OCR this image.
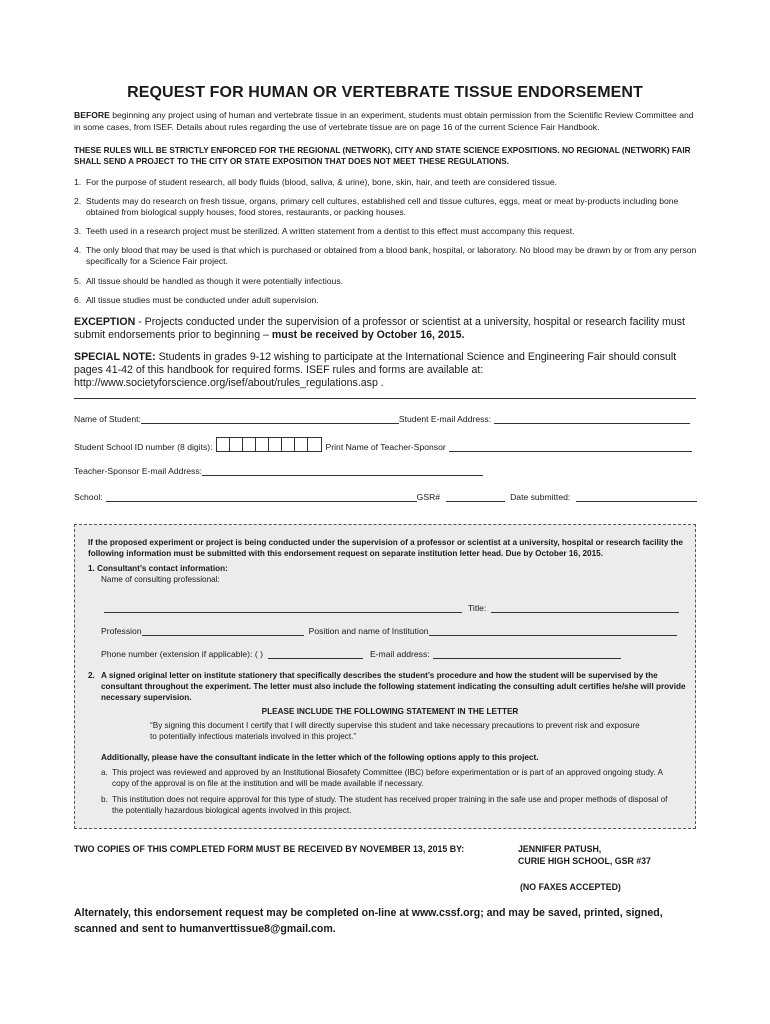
REQUEST FOR HUMAN OR VERTEBRATE TISSUE ENDORSEMENT
BEFORE beginning any project using of human and vertebrate tissue in an experiment, students must obtain permission from the Scientific Review Committee and in some cases, from ISEF. Details about rules regarding the use of vertebrate tissue are on page 16 of the current Science Fair Handbook.
THESE RULES WILL BE STRICTLY ENFORCED FOR THE REGIONAL (NETWORK), CITY AND STATE SCIENCE EXPOSITIONS. NO REGIONAL (NETWORK) FAIR SHALL SEND A PROJECT TO THE CITY OR STATE EXPOSITION THAT DOES NOT MEET THESE REGULATIONS.
1. For the purpose of student research, all body fluids (blood, saliva, & urine), bone, skin, hair, and teeth are considered tissue.
2. Students may do research on fresh tissue, organs, primary cell cultures, established cell and tissue cultures, eggs, meat or meat by-products including bone obtained from biological supply houses, food stores, restaurants, or packing houses.
3. Teeth used in a research project must be sterilized. A written statement from a dentist to this effect must accompany this request.
4. The only blood that may be used is that which is purchased or obtained from a blood bank, hospital, or laboratory. No blood may be drawn by or from any person specifically for a Science Fair project.
5. All tissue should be handled as though it were potentially infectious.
6. All tissue studies must be conducted under adult supervision.
EXCEPTION - Projects conducted under the supervision of a professor or scientist at a university, hospital or research facility must submit endorsements prior to beginning – must be received by October 16, 2015.
SPECIAL NOTE: Students in grades 9-12 wishing to participate at the International Science and Engineering Fair should consult pages 41-42 of this handbook for required forms. ISEF rules and forms are available at: http://www.societyforscience.org/isef/about/rules_regulations.asp .
Name of Student:	Student E-mail Address:
Student School ID number (8 digits):	Print Name of Teacher-Sponsor
Teacher-Sponsor E-mail Address:
School:	GSR#	Date submitted:
If the proposed experiment or project is being conducted under the supervision of a professor or scientist at a university, hospital or research facility the following information must be submitted with this endorsement request on separate institution letter head. Due by October 16, 2015.
1. Consultant’s contact information:
Name of consulting professional:
Title:
Profession	Position and name of Institution
Phone number (extension if applicable): ( )	E-mail address:
2. A signed original letter on institute stationery that specifically describes the student’s procedure and how the student will be supervised by the consultant throughout the experiment. The letter must also include the following statement indicating the consulting adult certifies he/she will provide necessary supervision.
PLEASE INCLUDE THE FOLLOWING STATEMENT IN THE LETTER
“By signing this document I certify that I will directly supervise this student and take necessary precautions to prevent risk and exposure to potentially infectious materials involved in this project.”
Additionally, please have the consultant indicate in the letter which of the following options apply to this project.
a. This project was reviewed and approved by an Institutional Biosafety Committee (IBC) before experimentation or is part of an approved ongoing study. A copy of the approval is on file at the institution and will be made available if necessary.
b. This institution does not require approval for this type of study. The student has received proper training in the safe use and proper methods of disposal of the potentially hazardous biological agents involved in this project.
TWO COPIES OF THIS COMPLETED FORM MUST BE RECEIVED BY NOVEMBER 13, 2015 BY:	JENNIFER PATUSH,
CURIE HIGH SCHOOL, GSR #37
(NO FAXES ACCEPTED)
Alternately, this endorsement request may be completed on-line at www.cssf.org; and may be saved, printed, signed, scanned and sent to humanverttissue8@gmail.com.
